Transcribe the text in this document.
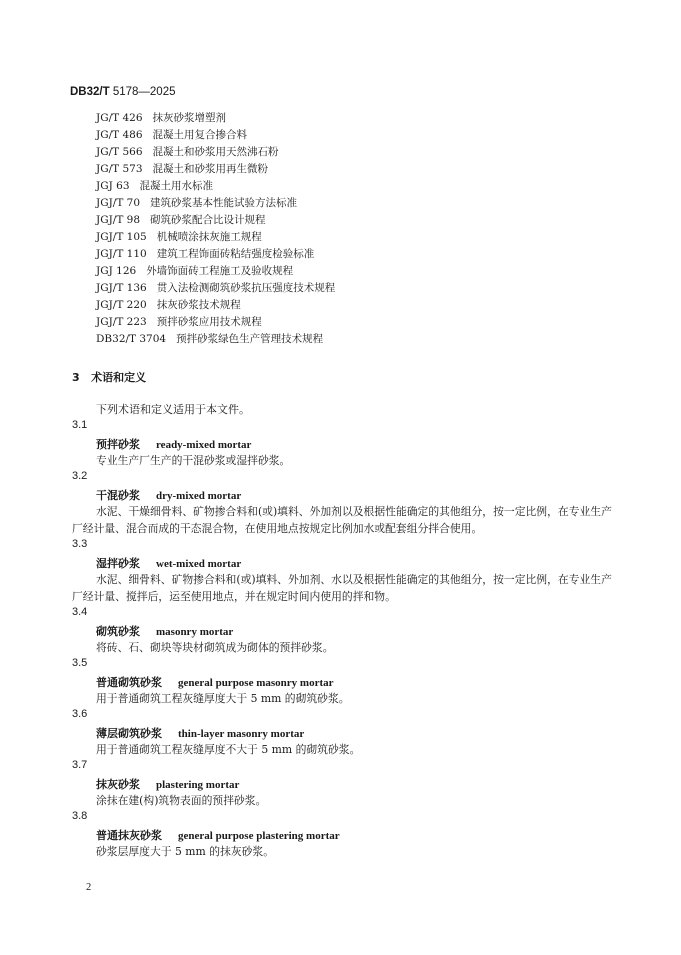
DB32/T 5178—2025
JG/T 426 抹灰砂浆增塑剂
JG/T 486 混凝土用复合掺合料
JG/T 566 混凝土和砂浆用天然沸石粉
JG/T 573 混凝土和砂浆用再生微粉
JGJ 63 混凝土用水标准
JGJ/T 70 建筑砂浆基本性能试验方法标准
JGJ/T 98 砌筑砂浆配合比设计规程
JGJ/T 105 机械喷涂抹灰施工规程
JGJ/T 110 建筑工程饰面砖粘结强度检验标准
JGJ 126 外墙饰面砖工程施工及验收规程
JGJ/T 136 贯入法检测砌筑砂浆抗压强度技术规程
JGJ/T 220 抹灰砂浆技术规程
JGJ/T 223 预拌砂浆应用技术规程
DB32/T 3704 预拌砂浆绿色生产管理技术规程
3 术语和定义
下列术语和定义适用于本文件。
3.1
预拌砂浆 ready-mixed mortar
专业生产厂生产的干混砂浆或湿拌砂浆。
3.2
干混砂浆 dry-mixed mortar
水泥、干燥细骨料、矿物掺合料和(或)填料、外加剂以及根据性能确定的其他组分，按一定比例，在专业生产厂经计量、混合而成的干态混合物，在使用地点按规定比例加水或配套组分拌合使用。
3.3
湿拌砂浆 wet-mixed mortar
水泥、细骨料、矿物掺合料和(或)填料、外加剂、水以及根据性能确定的其他组分，按一定比例，在专业生产厂经计量、搅拌后，运至使用地点，并在规定时间内使用的拌和物。
3.4
砌筑砂浆 masonry mortar
将砖、石、砌块等块材砌筑成为砌体的预拌砂浆。
3.5
普通砌筑砂浆 general purpose masonry mortar
用于普通砌筑工程灰缝厚度大于 5 mm 的砌筑砂浆。
3.6
薄层砌筑砂浆 thin-layer masonry mortar
用于普通砌筑工程灰缝厚度不大于 5 mm 的砌筑砂浆。
3.7
抹灰砂浆 plastering mortar
涂抹在建(构)筑物表面的预拌砂浆。
3.8
普通抹灰砂浆 general purpose plastering mortar
砂浆层厚度大于 5 mm 的抹灰砂浆。
2
